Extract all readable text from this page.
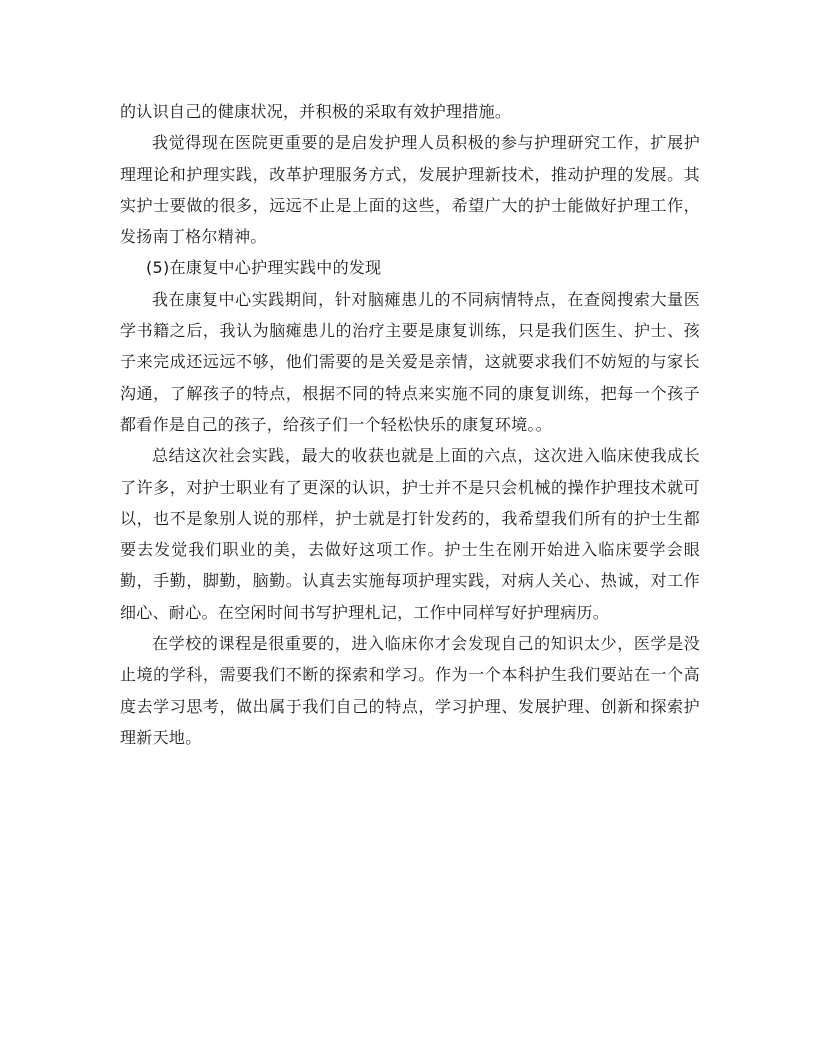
的认识自己的健康状况，并积极的采取有效护理措施。

我觉得现在医院更重要的是启发护理人员积极的参与护理研究工作，扩展护理理论和护理实践，改革护理服务方式，发展护理新技术，推动护理的发展。其实护士要做的很多，远远不止是上面的这些，希望广大的护士能做好护理工作，发扬南丁格尔精神。

(5)在康复中心护理实践中的发现

我在康复中心实践期间，针对脑瘫患儿的不同病情特点，在查阅搜索大量医学书籍之后，我认为脑瘫患儿的治疗主要是康复训练，只是我们医生、护士、孩子来完成还远远不够，他们需要的是关爱是亲情，这就要求我们不妨短的与家长沟通，了解孩子的特点，根据不同的特点来实施不同的康复训练，把每一个孩子都看作是自己的孩子，给孩子们一个轻松快乐的康复环境。。

总结这次社会实践，最大的收获也就是上面的六点，这次进入临床使我成长了许多，对护士职业有了更深的认识，护士并不是只会机械的操作护理技术就可以，也不是象别人说的那样，护士就是打针发药的，我希望我们所有的护士生都要去发觉我们职业的美，去做好这项工作。护士生在刚开始进入临床要学会眼勤，手勤，脚勤，脑勤。认真去实施每项护理实践，对病人关心、热诚，对工作细心、耐心。在空闲时间书写护理札记，工作中同样写好护理病历。

在学校的课程是很重要的，进入临床你才会发现自己的知识太少，医学是没止境的学科，需要我们不断的探索和学习。作为一个本科护生我们要站在一个高度去学习思考，做出属于我们自己的特点，学习护理、发展护理、创新和探索护理新天地。
